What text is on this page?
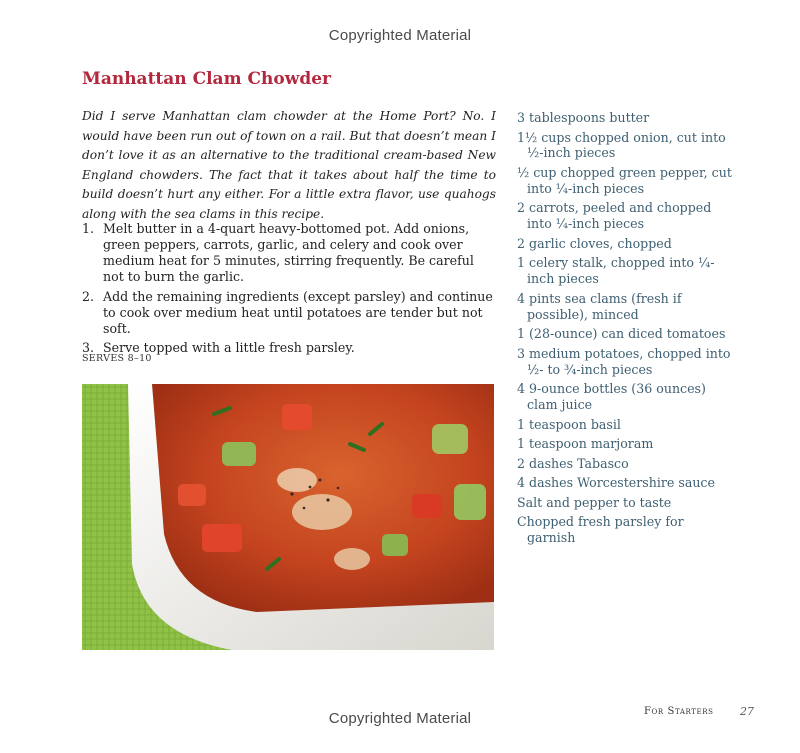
Copyrighted Material
Manhattan Clam Chowder

Did I serve Manhattan clam chowder at the Home Port? No. I would have been run out of town on a rail. But that doesn’t mean I don’t love it as an alternative to the traditional cream-based New England chowders. The fact that it takes about half the time to build doesn’t hurt any either. For a little extra flavor, use quahogs along with the sea clams in this recipe.

1. Melt butter in a 4-quart heavy-bottomed pot. Add onions, green peppers, carrots, garlic, and celery and cook over medium heat for 5 minutes, stirring frequently. Be careful not to burn the garlic.
2. Add the remaining ingredients (except parsley) and continue to cook over medium heat until potatoes are tender but not soft.
3. Serve topped with a little fresh parsley.
SERVES 8–10
3 tablespoons butter
1½ cups chopped onion, cut into ½-inch pieces
½ cup chopped green pepper, cut into ¼-inch pieces
2 carrots, peeled and chopped into ¼-inch pieces
2 garlic cloves, chopped
1 celery stalk, chopped into ¼-inch pieces
4 pints sea clams (fresh if possible), minced
1 (28-ounce) can diced tomatoes
3 medium potatoes, chopped into ½- to ¾-inch pieces
4 9-ounce bottles (36 ounces) clam juice
1 teaspoon basil
1 teaspoon marjoram
2 dashes Tabasco
4 dashes Worcestershire sauce
Salt and pepper to taste
Chopped fresh parsley for garnish
For Starters 27
Copyrighted Material
